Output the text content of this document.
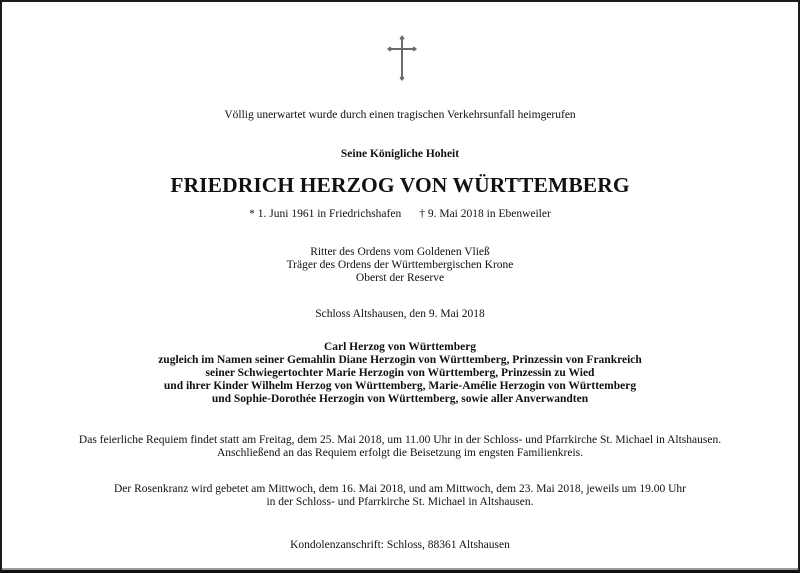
Völlig unerwartet wurde durch einen tragischen Verkehrsunfall heimgerufen
Seine Königliche Hoheit
FRIEDRICH HERZOG VON WÜRTTEMBERG
* 1. Juni 1961 in Friedrichshafen † 9. Mai 2018 in Ebenweiler
Ritter des Ordens vom Goldenen Vließ
Träger des Ordens der Württembergischen Krone
Oberst der Reserve
Schloss Altshausen, den 9. Mai 2018
Carl Herzog von Württemberg
zugleich im Namen seiner Gemahlin Diane Herzogin von Württemberg, Prinzessin von Frankreich
seiner Schwiegertochter Marie Herzogin von Württemberg, Prinzessin zu Wied
und ihrer Kinder Wilhelm Herzog von Württemberg, Marie-Amélie Herzogin von Württemberg
und Sophie-Dorothée Herzogin von Württemberg, sowie aller Anverwandten
Das feierliche Requiem findet statt am Freitag, dem 25. Mai 2018, um 11.00 Uhr in der Schloss- und Pfarrkirche St. Michael in Altshausen.
Anschließend an das Requiem erfolgt die Beisetzung im engsten Familienkreis.
Der Rosenkranz wird gebetet am Mittwoch, dem 16. Mai 2018, und am Mittwoch, dem 23. Mai 2018, jeweils um 19.00 Uhr
in der Schloss- und Pfarrkirche St. Michael in Altshausen.
Kondolenzanschrift: Schloss, 88361 Altshausen
